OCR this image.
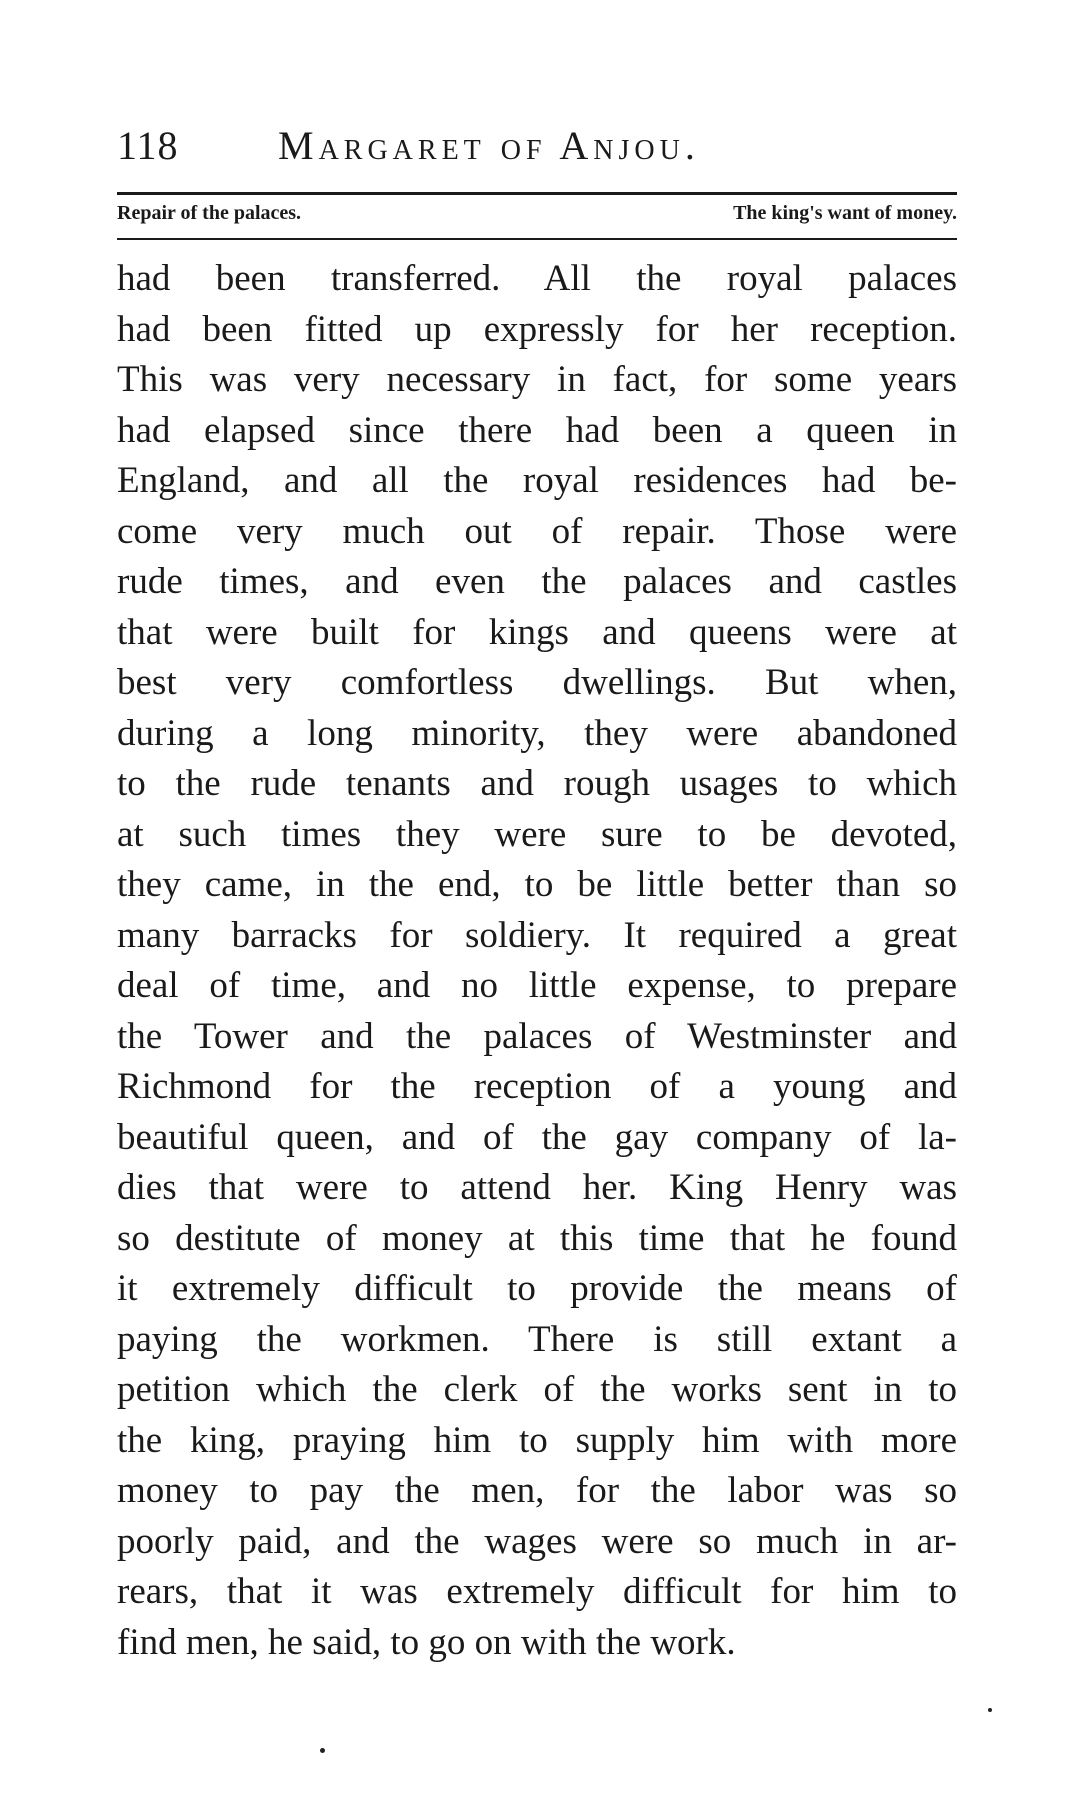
118 Margaret of Anjou.
Repair of the palaces.	The king's want of money.
had been transferred. All the royal palaces
had been fitted up expressly for her reception.
This was very necessary in fact, for some years
had elapsed since there had been a queen in
England, and all the royal residences had be-
come very much out of repair. Those were
rude times, and even the palaces and castles
that were built for kings and queens were at
best very comfortless dwellings. But when,
during a long minority, they were abandoned
to the rude tenants and rough usages to which
at such times they were sure to be devoted,
they came, in the end, to be little better than so
many barracks for soldiery. It required a great
deal of time, and no little expense, to prepare
the Tower and the palaces of Westminster and
Richmond for the reception of a young and
beautiful queen, and of the gay company of la-
dies that were to attend her. King Henry was
so destitute of money at this time that he found
it extremely difficult to provide the means of
paying the workmen. There is still extant a
petition which the clerk of the works sent in to
the king, praying him to supply him with more
money to pay the men, for the labor was so
poorly paid, and the wages were so much in ar-
rears, that it was extremely difficult for him to
find men, he said, to go on with the work.
